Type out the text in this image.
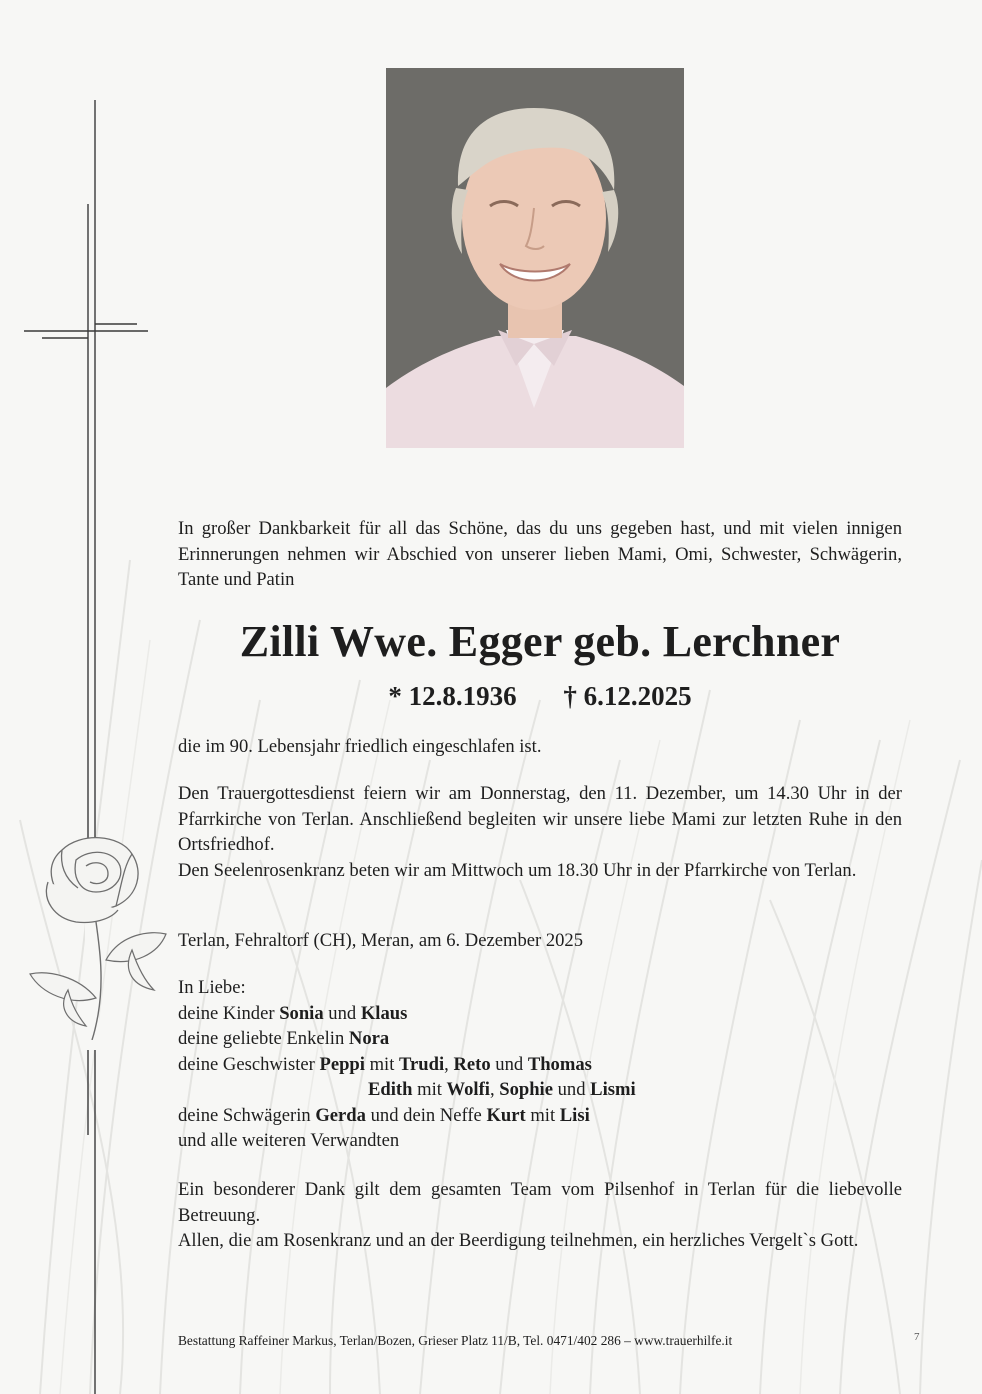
In großer Dankbarkeit für all das Schöne, das du uns gegeben hast, und mit vielen innigen Erinnerungen nehmen wir Abschied von unserer lieben Mami, Omi, Schwester, Schwägerin, Tante und Patin
Zilli Wwe. Egger geb. Lerchner
* 12.8.1936 † 6.12.2025
die im 90. Lebensjahr friedlich eingeschlafen ist.
Den Trauergottesdienst feiern wir am Donnerstag, den 11. Dezember, um 14.30 Uhr in der Pfarrkirche von Terlan. Anschließend begleiten wir unsere liebe Mami zur letzten Ruhe in den Ortsfriedhof.
Den Seelenrosenkranz beten wir am Mittwoch um 18.30 Uhr in der Pfarrkirche von Terlan.
Terlan, Fehraltorf (CH), Meran, am 6. Dezember 2025

In Liebe:

deine Kinder Sonia und Klaus

deine geliebte Enkelin Nora

deine Geschwister Peppi mit Trudi, Reto und Thomas

Edith mit Wolfi, Sophie und Lismi

deine Schwägerin Gerda und dein Neffe Kurt mit Lisi

und alle weiteren Verwandten

Ein besonderer Dank gilt dem gesamten Team vom Pilsenhof in Terlan für die liebevolle Betreuung.
Allen, die am Rosenkranz und an der Beerdigung teilnehmen, ein herzliches Vergelt`s Gott.
Bestattung Raffeiner Markus, Terlan/Bozen, Grieser Platz 11/B, Tel. 0471/402 286 – www.trauerhilfe.it	7
